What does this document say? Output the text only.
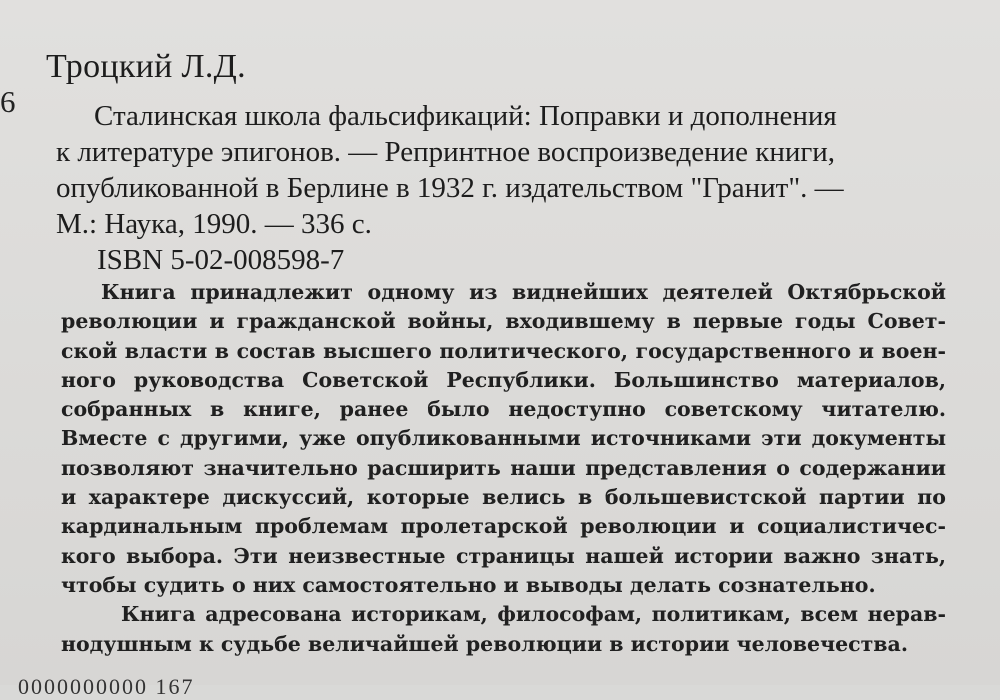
6
Троцкий Л.Д.
Сталинская школа фальсификаций: Поправки и дополнения
к литературе эпигонов. — Репринтное воспроизведение книги,
опубликованной в Берлине в 1932 г. издательством "Гранит". —
М.: Наука, 1990. — 336 с.
ISBN 5-02-008598-7
Книга принадлежит одному из виднейших деятелей Октябрьской
революции и гражданской войны, входившему в первые годы Совет-
ской власти в состав высшего политического, государственного и воен-
ного руководства Советской Республики. Большинство материалов,
собранных в книге, ранее было недоступно советскому читателю.
Вместе с другими, уже опубликованными источниками эти документы
позволяют значительно расширить наши представления о содержании
и характере дискуссий, которые велись в большевистской партии по
кардинальным проблемам пролетарской революции и социалистичес-
кого выбора. Эти неизвестные страницы нашей истории важно знать,
чтобы судить о них самостоятельно и выводы делать сознательно.
Книга адресована историкам, философам, политикам, всем нерав-
нодушным к судьбе величайшей революции в истории человечества.
0000000000 167
